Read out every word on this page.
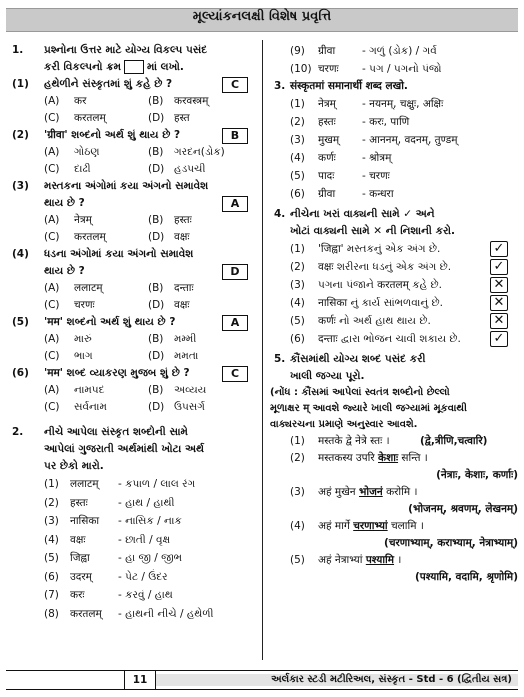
મૂલ્યાંકનલક્ષી વિશેષ પ્રવૃત્તિ
1. પ્રશ્નોના ઉત્તર માટે યોગ્ય વિકલ્પ પસંદ
કરી વિકલ્પનો ક્રમ માં લખો.
(1) હથેળીને સંસ્કૃતમાં શું કહે છે ?	C
(A) कर	(B) करवस्त्रम्
(C) करतलम्	(D) हस्त
(2) 'ग्रीवा' શબ્દનો અર્થ શું થાય છે ?	B
(A) ગોઠણ	(B) ગરદન(ડોક)
(C) દાઢી	(D) હડપચી
(3) મસ્તકના અંગોમાં કયા અંગનો સમાવેશ
થાય છે ?	A
(A) नेत्रम्	(B) हस्तः
(C) करतलम्	(D) वक्षः
(4) ધડના અંગોમાં કયા અંગનો સમાવેશ
થાય છે ?	D
(A) ललाटम्	(B) दन्ताः
(C) चरणः	(D) वक्षः
(5) 'मम' શબ્દનો અર્થ શું થાય છે ?	A
(A) મારું	(B) મમ્મી
(C) ભાગ	(D) મમતા
(6) 'मम' શબ્દ વ્યાકરણ મુજબ શું છે ?	C
(A) નામપદ	(B) અવ્યય
(C) સર્વનામ	(D) ઉપસર્ગ
2. નીચે આપેલા સંસ્કૃત શબ્દોની સામે
આપેલાં ગુજરાતી અર્થમાંથી ખોટા અર્થ
પર છેકો મારો.
(1) ललाटम् - કપાળ / લાલ રંગ
(2) हस्तः	- હાથ / હાથી
(3) नासिका - નાસિક / નાક
(4) वक्षः	- છાતી / વૃક્ષ
(5) जिह्वा	- હા જી / જીભ
(6) उदरम् - પેટ / ઉંદર
(7) करः	- કરવું / હાથ
(8) करतलम् - હાથની નીચે / હથેળી
(9) ग्रीवा	- ગળું (ડોક) / ગર્વ
(10) चरणः - પગ / પગનો પંજો
3. संस्कृतमां समानार्थी शब्द लखो.
(1) नेत्रम् - नयनम्, चक्षुः, अक्षिः
(2) हस्तः - करः, पाणि
(3) मुखम् - आननम्, वदनम्, तुण्डम्
(4) कर्णः - श्रोत्रम्
(5) पादः	- चरणः
(6) ग्रीवा	- कन्धरा
4. નીચેના ખરાં વાક્યની સામે ✓ અને
ખોટાં વાક્યની સામે ✕ ની નિશાની કરો.
(1) 'जिह्वा' મસ્તકનું એક અંગ છે.	✓
(2) वक्षः શરીરના ધડનું એક અંગ છે.	✓
(3) પગના પંજાને करतलम् કહે છે.	✕
(4) नासिका નું કાર્ય સાંભળવાનું છે.	✕
(5) कर्णः નો અર્થ હાથ થાય છે.	✕
(6) दन्ताः દ્વારા ભોજન ચાવી શકાય છે.	✓
5. કૌંસમાંથી યોગ્ય શબ્દ પસંદ કરી
ખાલી જગ્યા પૂરો.
(નોંધ : કૌંસમાં આપેલાં સ્વતંત્ર શબ્દોનો છેલ્લો
મૂળાક્ષર म् આવશે જ્યારે ખાલી જગ્યામાં મૂકવાથી
વાક્યરચના પ્રમાણે અનુસ્વાર આવશે.
(1) मस्तके द्वे नेत्रे स्तः ।	(द्वे,त्रीणि,चत्वारि)
(2) मस्तकस्य उपरि केशाः सन्ति ।
(नेत्राः, केशाः, कर्णाः)
(3) अहं मुखेन भोजनं करोमि ।
(भोजनम्, श्रवणम्, लेखनम्)
(4) अहं मार्गे चरणाभ्यां चलामि ।
(चरणाभ्याम्, कराभ्याम्, नेत्राभ्याम्)
(5) अहं नेत्राभ्यां पश्यामि ।
(पश्यामि, वदामि, श्रृणोमि)
11	અર્લકાર સ્ટડી મટીરિઅલ, સંસ્કૃત - Std - 6 (દ્વિતીય સત્ર)
